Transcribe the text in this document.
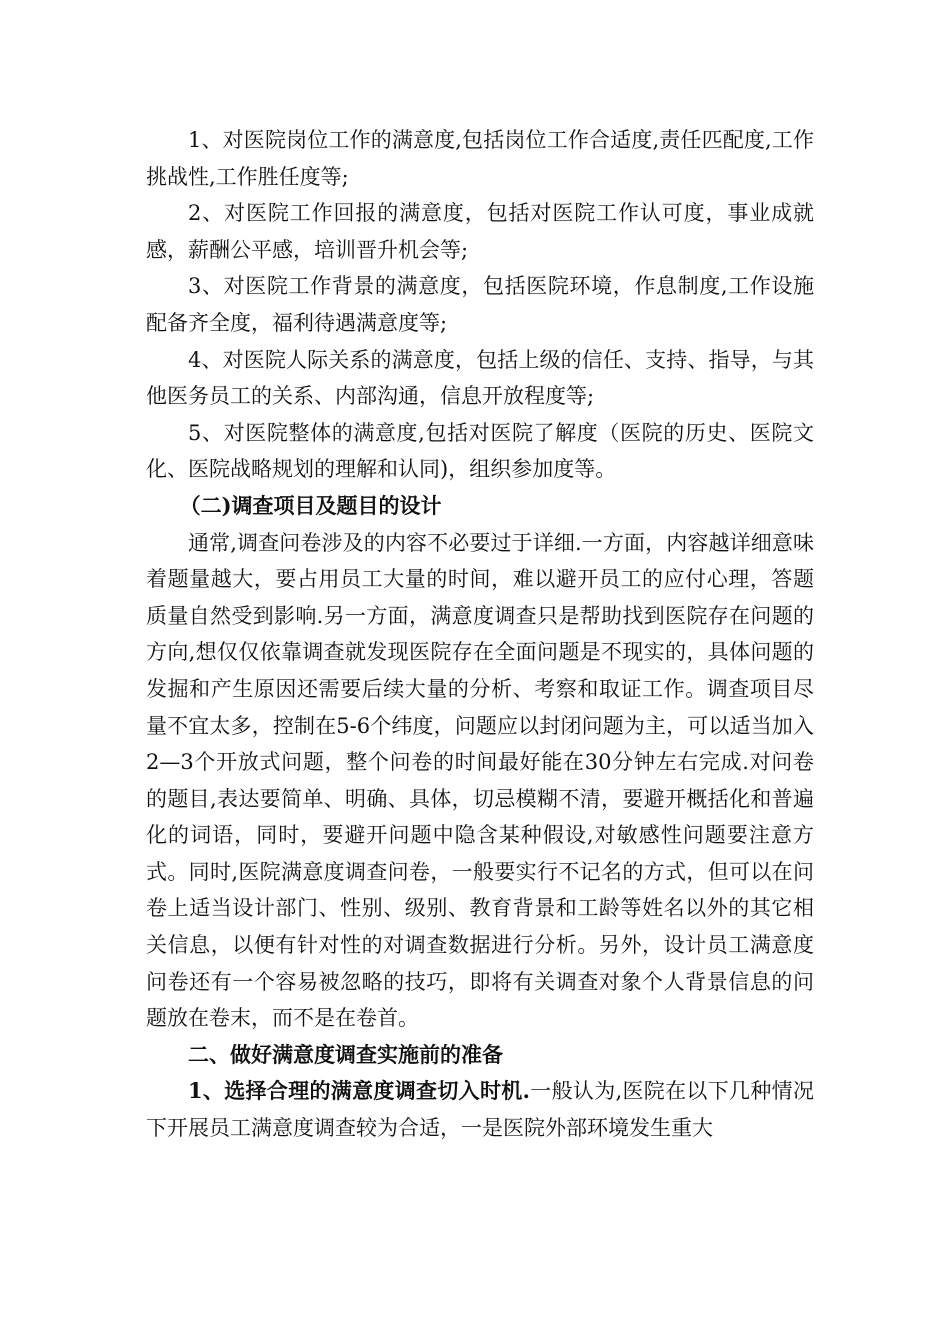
1、对医院岗位工作的满意度,包括岗位工作合适度,责任匹配度,工作挑战性,工作胜任度等;

2、对医院工作回报的满意度，包括对医院工作认可度，事业成就感，薪酬公平感，培训晋升机会等;

3、对医院工作背景的满意度，包括医院环境，作息制度,工作设施配备齐全度，福利待遇满意度等;

4、对医院人际关系的满意度，包括上级的信任、支持、指导，与其他医务员工的关系、内部沟通，信息开放程度等;

5、对医院整体的满意度,包括对医院了解度（医院的历史、医院文化、医院战略规划的理解和认同)，组织参加度等。

（二)调查项目及题目的设计

通常,调查问卷涉及的内容不必要过于详细.一方面，内容越详细意味着题量越大，要占用员工大量的时间，难以避开员工的应付心理，答题质量自然受到影响.另一方面，满意度调查只是帮助找到医院存在问题的方向,想仅仅依靠调查就发现医院存在全面问题是不现实的，具体问题的发掘和产生原因还需要后续大量的分析、考察和取证工作。调查项目尽量不宜太多，控制在5-6个纬度，问题应以封闭问题为主，可以适当加入2—3个开放式问题，整个问卷的时间最好能在30分钟左右完成.对问卷的题目,表达要简单、明确、具体，切忌模糊不清，要避开概括化和普遍化的词语，同时，要避开问题中隐含某种假设,对敏感性问题要注意方式。同时,医院满意度调查问卷，一般要实行不记名的方式，但可以在问卷上适当设计部门、性别、级别、教育背景和工龄等姓名以外的其它相关信息，以便有针对性的对调查数据进行分析。另外，设计员工满意度问卷还有一个容易被忽略的技巧，即将有关调查对象个人背景信息的问题放在卷末，而不是在卷首。

二、做好满意度调查实施前的准备

1、选择合理的满意度调查切入时机.一般认为,医院在以下几种情况下开展员工满意度调查较为合适，一是医院外部环境发生重大
